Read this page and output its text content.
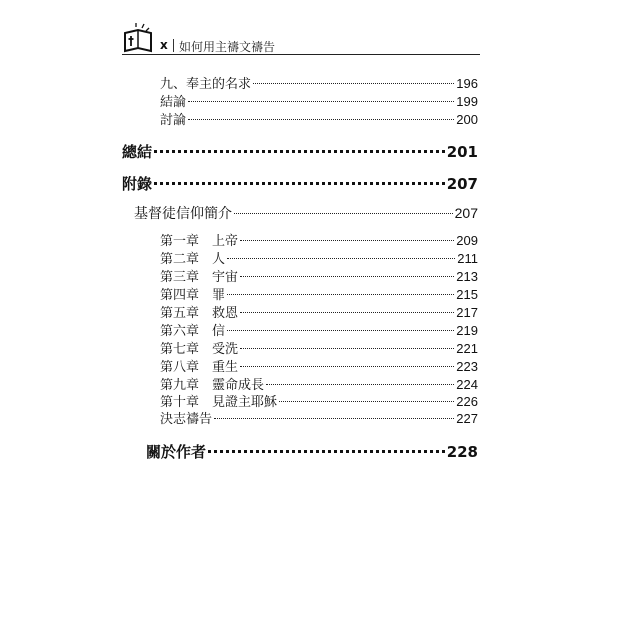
x 如何用主禱文禱告
九、奉主的名求	196
結論	199
討論	200
總結	201
附錄	207
基督徒信仰簡介	207
第一章 上帝	209
第二章 人	211
第三章 宇宙	213
第四章 罪	215
第五章 救恩	217
第六章 信	219
第七章 受洗	221
第八章 重生	223
第九章 靈命成長	224
第十章 見證主耶穌	226
決志禱告	227
關於作者	228
